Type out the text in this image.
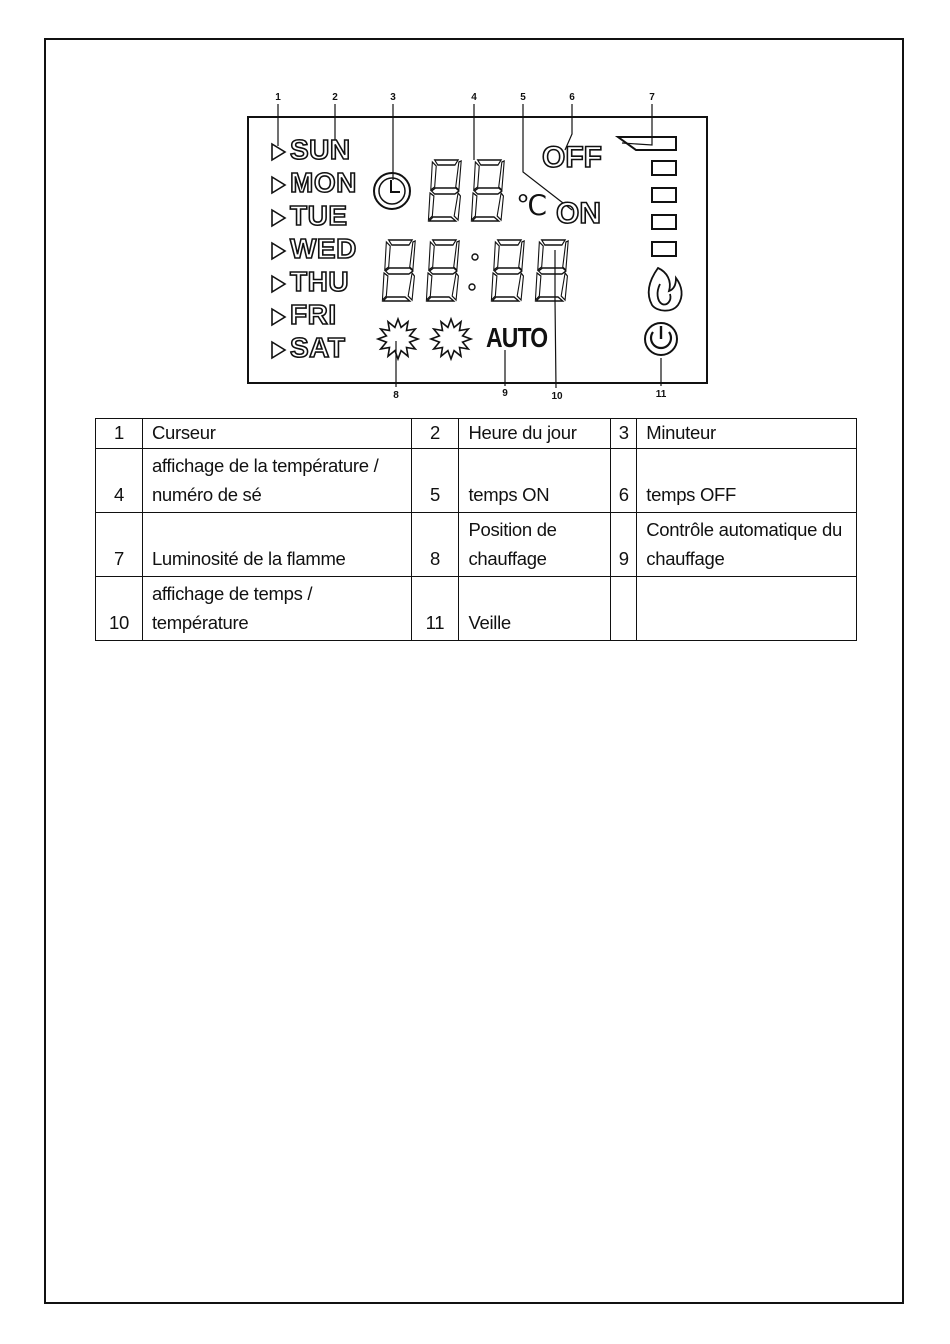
1	2	3	4	5	6	7
8	9	10	11
SUN
MON
TUE
WED
THU
FRI
SAT
OFF
ON
℃
AUTO
1	Curseur	2	Heure du jour	3	Minuteur
4	affichage de la température / numéro de sé	5	temps ON	6	temps OFF
7	Luminosité de la flamme	8	Position de chauffage	9	Contrôle automatique du chauffage
10	affichage de temps / température	11	Veille		
